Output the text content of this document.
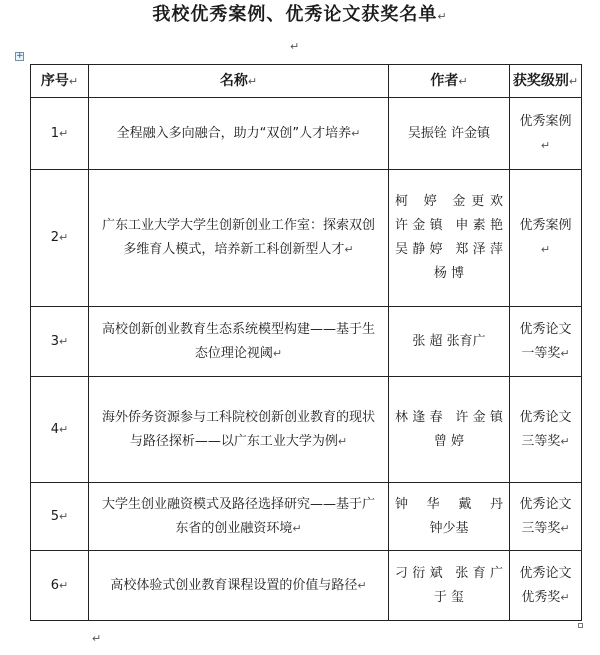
我校优秀案例、优秀论文获奖名单↵
↵
+
序号↵	名称↵	作者↵	获奖级别↵
1↵	全程融入多向融合，助力“双创”人才培养↵	吴振铨 许金镇	优秀案例↵
2↵	广东工业大学大学生创新创业工作室：探索双创多维育人模式，培养新工科创新型人才↵	柯 婷 金更欢
许金镇 申素艳
吴静婷 郑泽萍
杨 博	优秀案例↵
3↵	高校创新创业教育生态系统模型构建——基于生态位理论视阈↵	张 超 张育广	优秀论文一等奖↵
4↵	海外侨务资源参与工科院校创新创业教育的现状与路径探析——以广东工业大学为例↵	林逢春 许金镇
曾 婷	优秀论文三等奖↵
5↵	大学生创业融资模式及路径选择研究——基于广东省的创业融资环境↵	钟 华 戴 丹
钟少基	优秀论文三等奖↵
6↵	高校体验式创业教育课程设置的价值与路径↵	刁衍斌 张育广
于 玺	优秀论文优秀奖↵
↵
